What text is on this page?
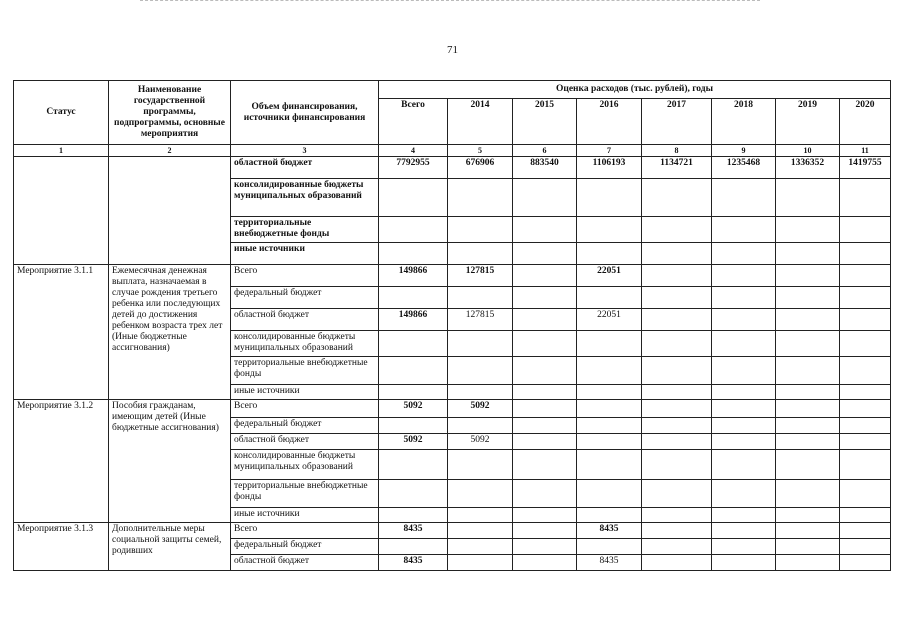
71
Статус	Наименование государственной программы, подпрограммы, основные мероприятия	Объем финансирования, источники финансирования	Оценка расходов (тыс. рублей), годы							
			Всего	2014	2015	2016	2017	2018	2019	2020
1	2	3	4	5	6	7	8	9	10	11
		областной бюджет	7792955	676906	883540	1106193	1134721	1235468	1336352	1419755
		консолидированные бюджеты муниципальных образований								
		территориальные внебюджетные фонды								
		иные источники								
Мероприятие 3.1.1	Ежемесячная денежная выплата, назначаемая в случае рождения третьего ребенка или последующих детей до достижения ребенком возраста трех лет (Иные бюджетные ассигнования)	Всего	149866	127815		22051				
		федеральный бюджет								
		областной бюджет	149866	127815		22051				
		консолидированные бюджеты муниципальных образований								
		территориальные внебюджетные фонды								
		иные источники								
Мероприятие 3.1.2	Пособия гражданам, имеющим детей (Иные бюджетные ассигнования)	Всего	5092	5092						
		федеральный бюджет								
		областной бюджет	5092	5092						
		консолидированные бюджеты муниципальных образований								
		территориальные внебюджетные фонды								
		иные источники								
Мероприятие 3.1.3	Дополнительные меры социальной защиты семей, родивших	Всего	8435			8435				
		федеральный бюджет								
		областной бюджет	8435			8435				
